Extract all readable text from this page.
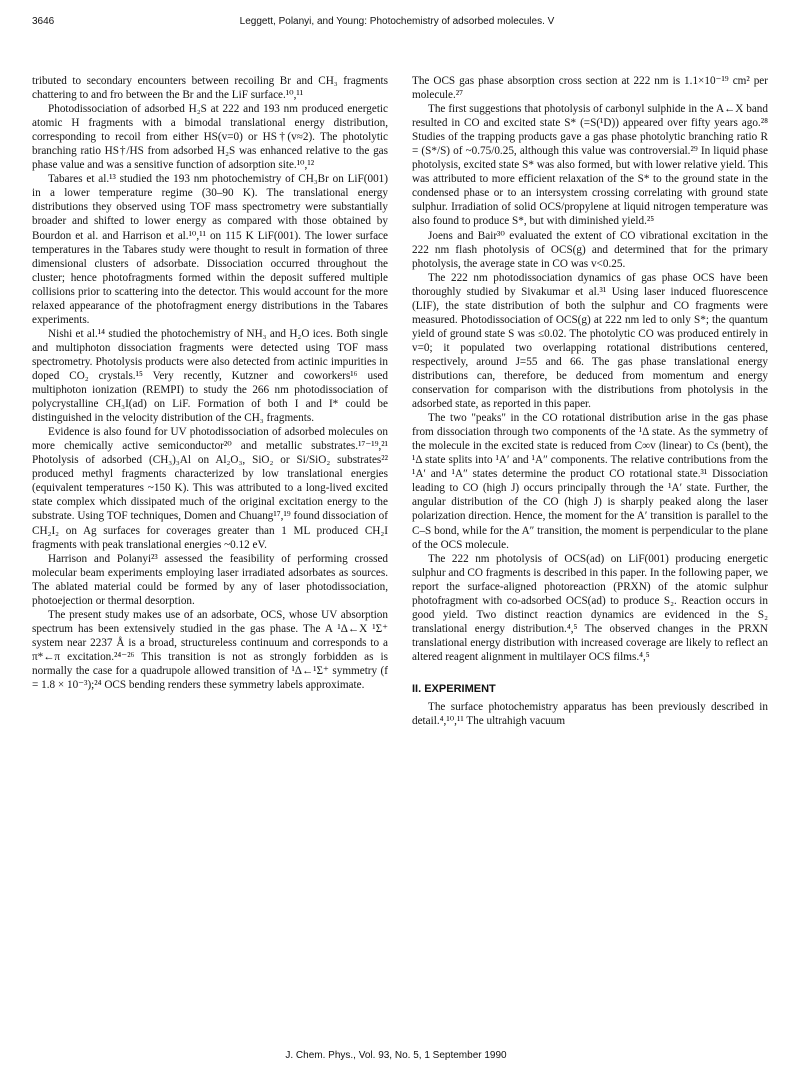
3646	Leggett, Polanyi, and Young: Photochemistry of adsorbed molecules. V

tributed to secondary encounters between recoiling Br and CH₃ fragments chattering to and fro between the Br and the LiF surface.¹⁰,¹¹

Photodissociation of adsorbed H₂S at 222 and 193 nm produced energetic atomic H fragments with a bimodal translational energy distribution, corresponding to recoil from either HS(v=0) or HS†(v≈2). The photolytic branching ratio HS†/HS from adsorbed H₂S was enhanced relative to the gas phase value and was a sensitive function of adsorption site.¹⁰,¹²

Tabares et al.¹³ studied the 193 nm photochemistry of CH₃Br on LiF(001) in a lower temperature regime (30–90 K). The translational energy distributions they observed using TOF mass spectrometry were substantially broader and shifted to lower energy as compared with those obtained by Bourdon et al. and Harrison et al.¹⁰,¹¹ on 115 K LiF(001). The lower surface temperatures in the Tabares study were thought to result in formation of three dimensional clusters of adsorbate. Dissociation occurred throughout the cluster; hence photofragments formed within the deposit suffered multiple collisions prior to scattering into the detector. This would account for the more relaxed appearance of the photofragment energy distributions in the Tabares experiments.

Nishi et al.¹⁴ studied the photochemistry of NH₃ and H₂O ices. Both single and multiphoton dissociation fragments were detected using TOF mass spectrometry. Photolysis products were also detected from actinic impurities in doped CO₂ crystals.¹⁵ Very recently, Kutzner and coworkers¹⁶ used multiphoton ionization (REMPI) to study the 266 nm photodissociation of polycrystalline CH₃I(ad) on LiF. Formation of both I and I* could be distinguished in the velocity distribution of the CH₃ fragments.

Evidence is also found for UV photodissociation of adsorbed molecules on more chemically active semiconductor²⁰ and metallic substrates.¹⁷⁻¹⁹,²¹ Photolysis of adsorbed (CH₃)₃Al on Al₂O₃, SiO₂ or Si/SiO₂ substrates²² produced methyl fragments characterized by low translational energies (equivalent temperatures ~150 K). This was attributed to a long-lived excited state complex which dissipated much of the original excitation energy to the substrate. Using TOF techniques, Domen and Chuang¹⁷,¹⁹ found dissociation of CH₂I₂ on Ag surfaces for coverages greater than 1 ML produced CH₂I fragments with peak translational energies ~0.12 eV.

Harrison and Polanyi²³ assessed the feasibility of performing crossed molecular beam experiments employing laser irradiated adsorbates as sources. The ablated material could be formed by any of laser photodissociation, photoejection or thermal desorption.

The present study makes use of an adsorbate, OCS, whose UV absorption spectrum has been extensively studied in the gas phase. The A ¹Δ←X ¹Σ⁺ system near 2237 Å is a broad, structureless continuum and corresponds to a π*←π excitation.²⁴⁻²⁶ This transition is not as strongly forbidden as is normally the case for a quadrupole allowed transition of ¹Δ←¹Σ⁺ symmetry (f = 1.8 × 10⁻³);²⁴ OCS bending renders these symmetry labels approximate.

The OCS gas phase absorption cross section at 222 nm is 1.1×10⁻¹⁹ cm² per molecule.²⁷

The first suggestions that photolysis of carbonyl sulphide in the A←X band resulted in CO and excited state S* (=S(¹D)) appeared over fifty years ago.²⁸ Studies of the trapping products gave a gas phase photolytic branching ratio R = (S*/S) of ~0.75/0.25, although this value was controversial.²⁹ In liquid phase photolysis, excited state S* was also formed, but with lower relative yield. This was attributed to more efficient relaxation of the S* to the ground state in the condensed phase or to an intersystem crossing correlating with ground state sulphur. Irradiation of solid OCS/propylene at liquid nitrogen temperature was also found to produce S*, but with diminished yield.²⁵

Joens and Bair³⁰ evaluated the extent of CO vibrational excitation in the 222 nm flash photolysis of OCS(g) and determined that for the primary photolysis, the average state in CO was v<0.25.

The 222 nm photodissociation dynamics of gas phase OCS have been thoroughly studied by Sivakumar et al.³¹ Using laser induced fluorescence (LIF), the state distribution of both the sulphur and CO fragments were measured. Photodissociation of OCS(g) at 222 nm led to only S*; the quantum yield of ground state S was ≤0.02. The photolytic CO was produced entirely in v=0; it populated two overlapping rotational distributions centered, respectively, around J=55 and 66. The gas phase translational energy distributions can, therefore, be deduced from momentum and energy conservation for comparison with the distributions from photolysis in the adsorbed state, as reported in this paper.

The two "peaks" in the CO rotational distribution arise in the gas phase from dissociation through two components of the ¹Δ state. As the symmetry of the molecule in the excited state is reduced from C∞v (linear) to Cs (bent), the ¹Δ state splits into ¹A′ and ¹A″ components. The relative contributions from the ¹A′ and ¹A″ states determine the product CO rotational state.³¹ Dissociation leading to CO (high J) occurs principally through the ¹A′ state. Further, the angular distribution of the CO (high J) is sharply peaked along the laser polarization direction. Hence, the moment for the A′ transition is parallel to the C–S bond, while for the A″ transition, the moment is perpendicular to the plane of the OCS molecule.

The 222 nm photolysis of OCS(ad) on LiF(001) producing energetic sulphur and CO fragments is described in this paper. In the following paper, we report the surface-aligned photoreaction (PRXN) of the atomic sulphur photofragment with co-adsorbed OCS(ad) to produce S₂. Reaction occurs in good yield. Two distinct reaction dynamics are evidenced in the S₂ translational energy distribution.⁴,⁵ The observed changes in the PRXN translational energy distribution with increased coverage are likely to reflect an altered reagent alignment in multilayer OCS films.⁴,⁵

II. EXPERIMENT

The surface photochemistry apparatus has been previously described in detail.⁴,¹⁰,¹¹ The ultrahigh vacuum

J. Chem. Phys., Vol. 93, No. 5, 1 September 1990
